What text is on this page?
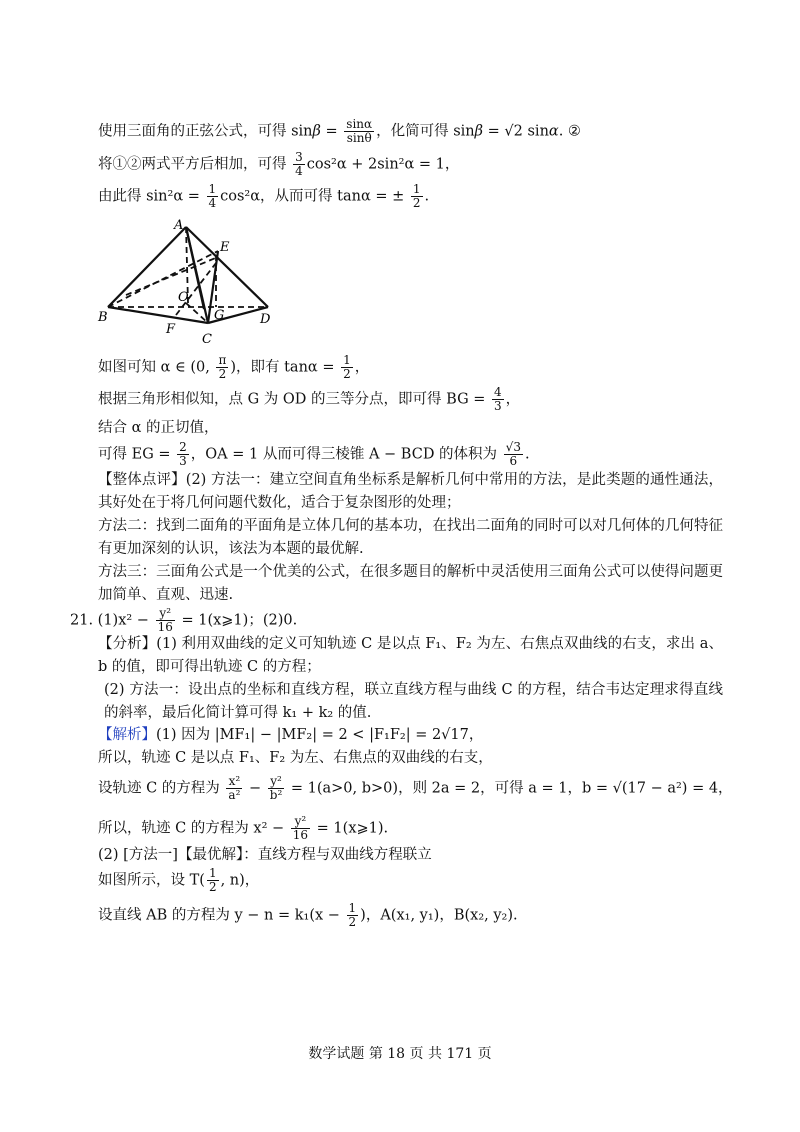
使用三面角的正弦公式，可得 $\sin\beta = \frac{\sin\alpha}{\sin\theta}$ ，化简可得 sinβ = √2 sinα. ②
将①②两式平方后相加，可得 $\frac{3}{4} \cos^2\alpha + 2\sin^2\alpha = 1$，
由此得 $\sin^2\alpha = \frac{1}{4} \cos^2\alpha$，从而可得 tanα = ± $\frac{1}{2}$ .
A
E
O
G
B
F
C
D
如图可知 α ∈ (0, $\frac{\pi}{2}$ )，即有 $\tan\alpha = \frac{1}{2}$ ，
根据三角形相似知，点 G 为 OD 的三等分点，即可得 BG = $\frac{4}{3}$ ，
结合 α 的正切值，
可得 EG = $\frac{2}{3}$ ，OA = 1 从而可得三棱锥 A − BCD 的体积为 $\frac{√3}{6}$ .
【整体点评】(2) 方法一：建立空间直角坐标系是解析几何中常用的方法，是此类题的通性通法，其好处在于将几何问题代数化，适合于复杂图形的处理；
方法二：找到二面角的平面角是立体几何的基本功，在找出二面角的同时可以对几何体的几何特征有更加深刻的认识，该法为本题的最优解.
方法三：三面角公式是一个优美的公式，在很多题目的解析中灵活使用三面角公式可以使得问题更加简单、直观、迅速.
21. $(1)x^2 - \frac{\text{y²}}{16}$ = 1(x⩾1)；(2)0.
【分析】(1) 利用双曲线的定义可知轨迹 C 是以点 F₁、F₂ 为左、右焦点双曲线的右支，求出 a、b 的值，即可得出轨迹 C 的方程；
(2) 方法一：设出点的坐标和直线方程，联立直线方程与曲线 C 的方程，结合韦达定理求得直线的斜率，最后化简计算可得 k₁ + k₂ 的值.
【解析】(1) 因为 |MF₁| − |MF₂| = 2 < |F₁F₂| = 2√17，
所以，轨迹 C 是以点 F₁、F₂ 为左、右焦点的双曲线的右支，
设轨迹 C 的方程为 $\frac{\text{x²}}{\text{a²}} - \frac{\text{y²}}{\text{b²}} = 1(a>0$, b>0)，则 2a = 2，可得 a = 1，b = √(17 − a²) = 4，
所以，轨迹 C 的方程为 $x^2 - \frac{\text{y²}}{16}$ = 1(x⩾1).
(2) [方法一]【最优解】：直线方程与双曲线方程联立
如图所示，设 $T( \frac{1}{2}$ , n)，
设直线 AB 的方程为 $y - n = k_1(x - \frac{1}{2}$ )，A(x₁, y₁)，B(x₂, y₂).
数学试题 第 18 页 共 171 页
